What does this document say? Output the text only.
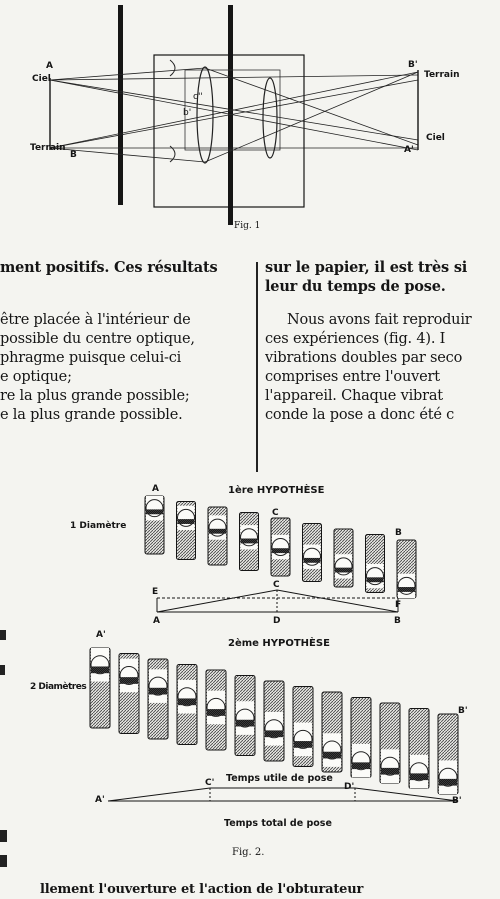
Ciel
A
Terrain
B
B'
Terrain
Ciel
A'
c''
b'
Fig. 1
ment positifs. Ces résultats
être placée à l'intérieur de
possible du centre optique,
phragme puisque celui-ci
e optique;
re la plus grande possible;
e la plus grande possible.
sur le papier, il est très si
leur du temps de pose.
Nous avons fait reproduir
ces expériences (fig. 4). I
vibrations doubles par seco
comprises entre l'ouvert
l'appareil. Chaque vibrat
conde la pose a donc été c
1ère HYPOTHÈSE
1 Diamètre
A
B
C
E
C
F
A	D	B
2ème HYPOTHÈSE
2 Diamètres
A'
B'
Temps utile de pose
C'	D'
A'	B'
Temps total de pose
Fig. 2.
llement l'ouverture et l'action de l'obturateur
